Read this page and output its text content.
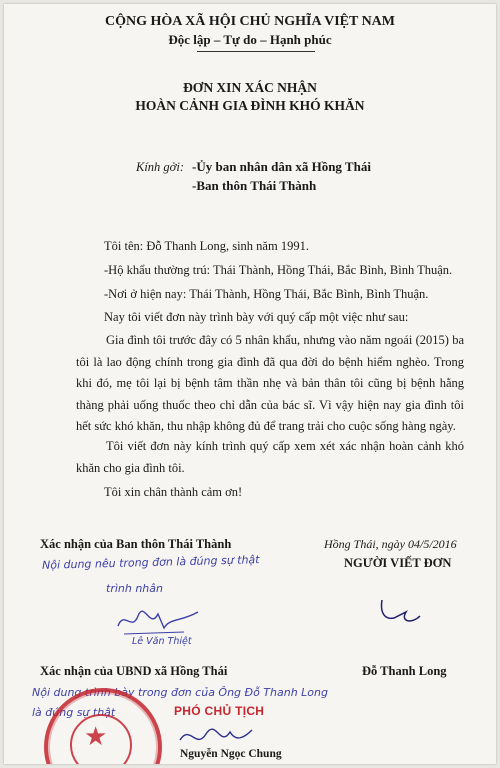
CỘNG HÒA XÃ HỘI CHỦ NGHĨA VIỆT NAM
Độc lập – Tự do – Hạnh phúc
ĐƠN XIN XÁC NHẬN
HOÀN CẢNH GIA ĐÌNH KHÓ KHĂN
Kính gởi: -Ủy ban nhân dân xã Hồng Thái
-Ban thôn Thái Thành
Tôi tên: Đỗ Thanh Long, sinh năm 1991.
-Hộ khẩu thường trú: Thái Thành, Hồng Thái, Bắc Bình, Bình Thuận.
-Nơi ở hiện nay: Thái Thành, Hồng Thái, Bắc Bình, Bình Thuận.
Nay tôi viết đơn này trình bày với quý cấp một việc như sau:
Gia đình tôi trước đây có 5 nhân khẩu, nhưng vào năm ngoái (2015) ba tôi là lao động chính trong gia đình đã qua đời do bệnh hiểm nghèo. Trong khi đó, mẹ tôi lại bị bệnh tâm thần nhẹ và bản thân tôi cũng bị bệnh hằng thàng phải uống thuốc theo chỉ dẫn của bác sĩ. Vì vậy hiện nay gia đình tôi hết sức khó khăn, thu nhập không đủ để trang trải cho cuộc sống hàng ngày.
Tôi viết đơn này kính trình quý cấp xem xét xác nhận hoàn cảnh khó khăn cho gia đình tôi.
Tôi xin chân thành cảm ơn!
Xác nhận của Ban thôn Thái Thành
Nội dung nêu trong đơn là đúng sự thật
trình nhân
Lê Văn Thiệt
Hồng Thái, ngày 04/5/2016
NGƯỜI VIẾT ĐƠN
Đỗ Thanh Long
Xác nhận của UBND xã Hồng Thái
Nội dung trình bày trong đơn của Ông Đỗ Thanh Long
là đúng sự thật
★
PHÓ CHỦ TỊCH
Nguyễn Ngọc Chung
